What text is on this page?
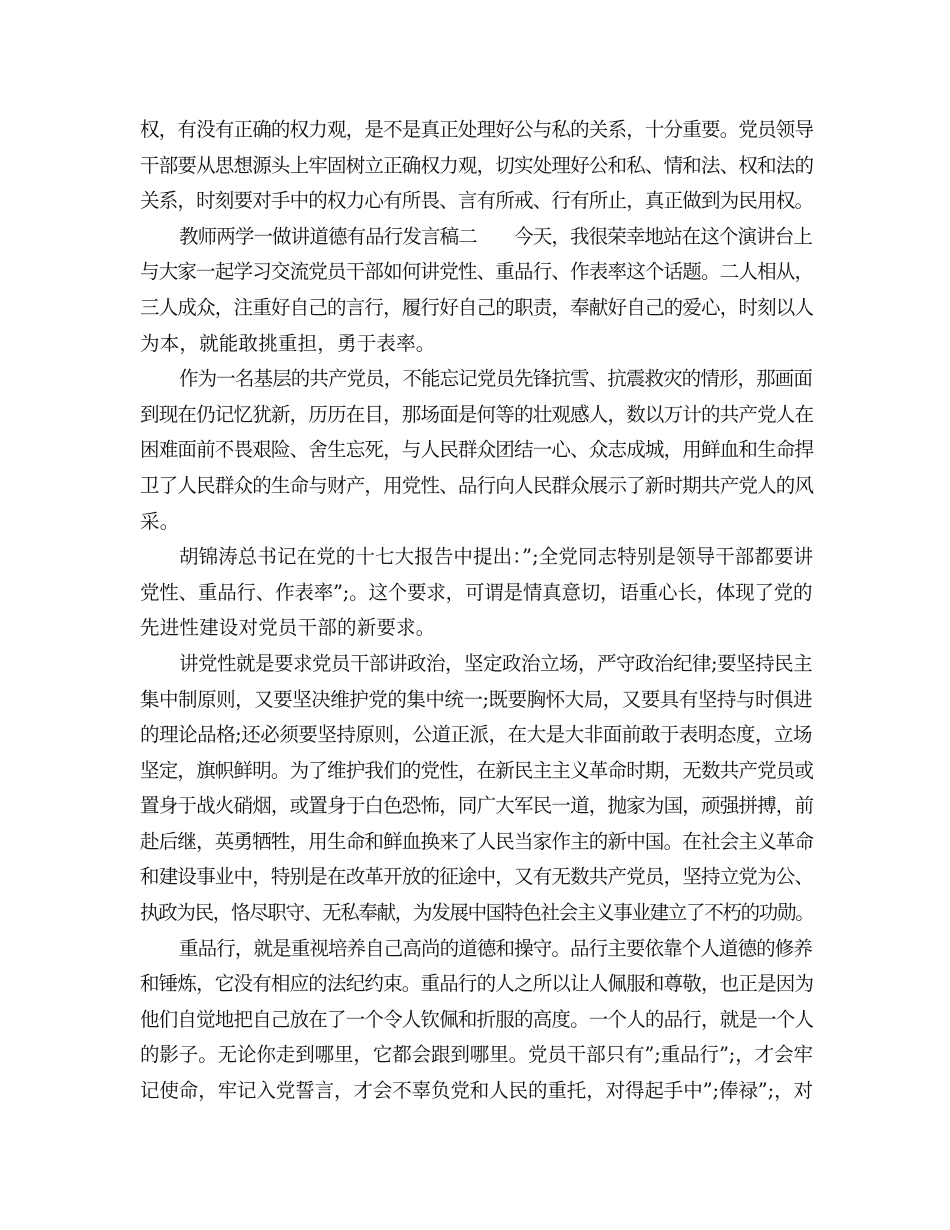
权，有没有正确的权力观，是不是真正处理好公与私的关系，十分重要。党员领导
干部要从思想源头上牢固树立正确权力观，切实处理好公和私、情和法、权和法的
关系，时刻要对手中的权力心有所畏、言有所戒、行有所止，真正做到为民用权。
教师两学一做讲道德有品行发言稿二　　今天，我很荣幸地站在这个演讲台上
与大家一起学习交流党员干部如何讲党性、重品行、作表率这个话题。二人相从，
三人成众，注重好自己的言行，履行好自己的职责，奉献好自己的爱心，时刻以人
为本，就能敢挑重担，勇于表率。
作为一名基层的共产党员，不能忘记党员先锋抗雪、抗震救灾的情形，那画面
到现在仍记忆犹新，历历在目，那场面是何等的壮观感人，数以万计的共产党人在
困难面前不畏艰险、舍生忘死，与人民群众团结一心、众志成城，用鲜血和生命捍
卫了人民群众的生命与财产，用党性、品行向人民群众展示了新时期共产党人的风
采。
胡锦涛总书记在党的十七大报告中提出：”;全党同志特别是领导干部都要讲
党性、重品行、作表率”;。这个要求，可谓是情真意切，语重心长，体现了党的
先进性建设对党员干部的新要求。
讲党性就是要求党员干部讲政治，坚定政治立场，严守政治纪律;要坚持民主
集中制原则，又要坚决维护党的集中统一;既要胸怀大局，又要具有坚持与时俱进
的理论品格;还必须要坚持原则，公道正派，在大是大非面前敢于表明态度，立场
坚定，旗帜鲜明。为了维护我们的党性，在新民主主义革命时期，无数共产党员或
置身于战火硝烟，或置身于白色恐怖，同广大军民一道，抛家为国，顽强拼搏，前
赴后继，英勇牺牲，用生命和鲜血换来了人民当家作主的新中国。在社会主义革命
和建设事业中，特别是在改革开放的征途中，又有无数共产党员，坚持立党为公、
执政为民，恪尽职守、无私奉献，为发展中国特色社会主义事业建立了不朽的功勋。
重品行，就是重视培养自己高尚的道德和操守。品行主要依靠个人道德的修养
和锤炼，它没有相应的法纪约束。重品行的人之所以让人佩服和尊敬，也正是因为
他们自觉地把自己放在了一个令人钦佩和折服的高度。一个人的品行，就是一个人
的影子。无论你走到哪里，它都会跟到哪里。党员干部只有”;重品行”;，才会牢
记使命，牢记入党誓言，才会不辜负党和人民的重托，对得起手中”;俸禄”;，对
